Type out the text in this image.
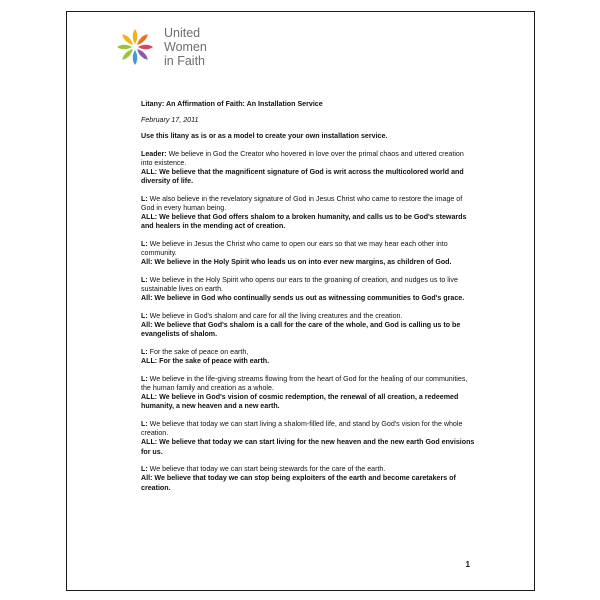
United
Women
in Faith

Litany: An Affirmation of Faith: An Installation Service

February 17, 2011

Use this litany as is or as a model to create your own installation service.

Leader: We believe in God the Creator who hovered in love over the primal chaos and uttered creation into existence.

ALL: We believe that the magnificent signature of God is writ across the multicolored world and diversity of life.

L: We also believe in the revelatory signature of God in Jesus Christ who came to restore the image of God in every human being.

ALL: We believe that God offers shalom to a broken humanity, and calls us to be God's stewards and healers in the mending act of creation.

L: We believe in Jesus the Christ who came to open our ears so that we may hear each other into community.

All: We believe in the Holy Spirit who leads us on into ever new margins, as children of God.

L: We believe in the Holy Spirit who opens our ears to the groaning of creation, and nudges us to live sustainable lives on earth.

All: We believe in God who continually sends us out as witnessing communities to God's grace.

L: We believe in God's shalom and care for all the living creatures and the creation.

All: We believe that God's shalom is a call for the care of the whole, and God is calling us to be evangelists of shalom.

L: For the sake of peace on earth,

ALL: For the sake of peace with earth.

L: We believe in the life-giving streams flowing from the heart of God for the healing of our communities, the human family and creation as a whole.

ALL: We believe in God's vision of cosmic redemption, the renewal of all creation, a redeemed humanity, a new heaven and a new earth.

L: We believe that today we can start living a shalom-filled life, and stand by God's vision for the whole creation.

ALL: We believe that today we can start living for the new heaven and the new earth God envisions for us.

L: We believe that today we can start being stewards for the care of the earth.

All: We believe that today we can stop being exploiters of the earth and become caretakers of creation.

1
